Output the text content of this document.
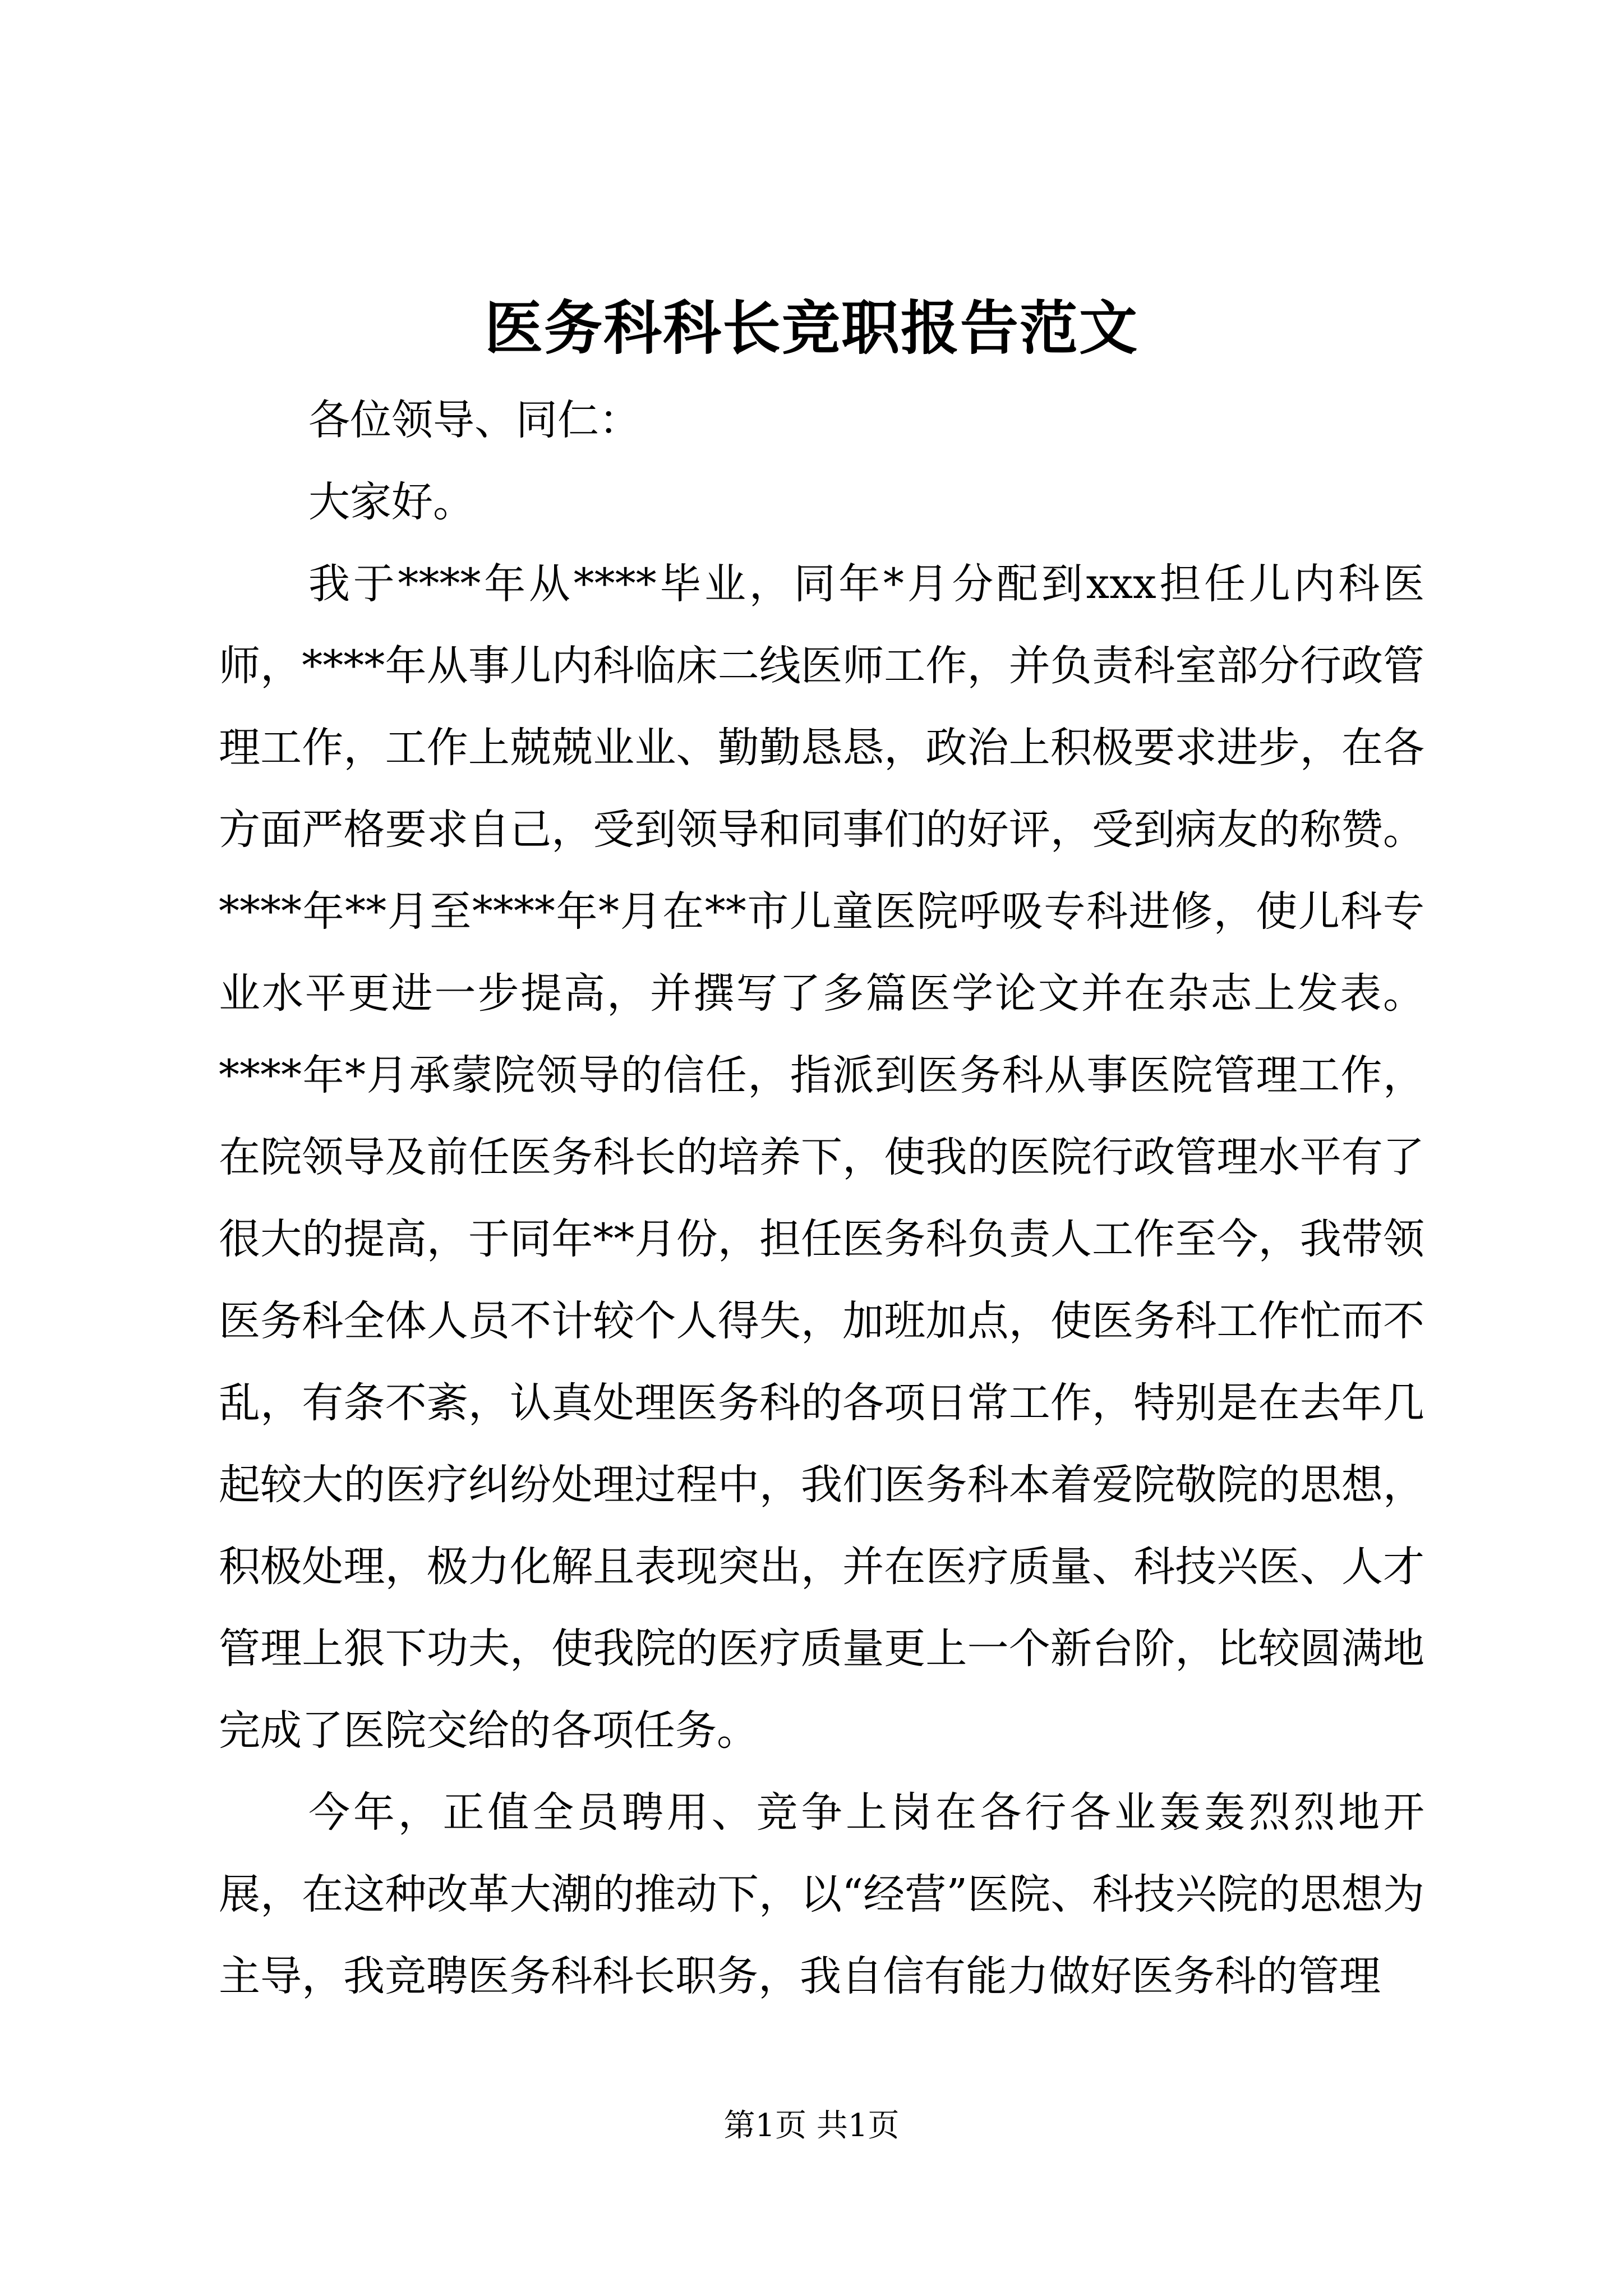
医务科科长竞职报告范文

各位领导、同仁：

大家好。

我于****年从****毕业，同年*月分配到xxx担任儿内科医师，****年从事儿内科临床二线医师工作，并负责科室部分行政管理工作，工作上兢兢业业、勤勤恳恳，政治上积极要求进步，在各方面严格要求自己，受到领导和同事们的好评，受到病友的称赞。****年**月至****年*月在**市儿童医院呼吸专科进修，使儿科专业水平更进一步提高，并撰写了多篇医学论文并在杂志上发表。****年*月承蒙院领导的信任，指派到医务科从事医院管理工作，在院领导及前任医务科长的培养下，使我的医院行政管理水平有了很大的提高，于同年**月份，担任医务科负责人工作至今，我带领医务科全体人员不计较个人得失，加班加点，使医务科工作忙而不乱，有条不紊，认真处理医务科的各项日常工作，特别是在去年几起较大的医疗纠纷处理过程中，我们医务科本着爱院敬院的思想，积极处理，极力化解且表现突出，并在医疗质量、科技兴医、人才管理上狠下功夫，使我院的医疗质量更上一个新台阶，比较圆满地完成了医院交给的各项任务。

今年，正值全员聘用、竞争上岗在各行各业轰轰烈烈地开展，在这种改革大潮的推动下，以“经营”医院、科技兴院的思想为主导，我竞聘医务科科长职务，我自信有能力做好医务科的管理

第1页 共1页
